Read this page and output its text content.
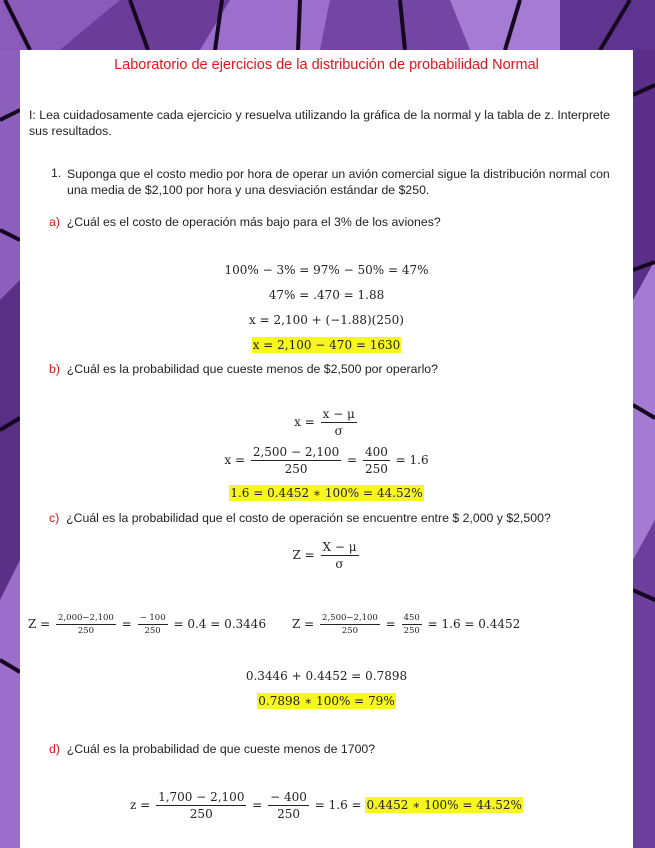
Laboratorio de ejercicios de la distribución de probabilidad Normal
I: Lea cuidadosamente cada ejercicio y resuelva utilizando la gráfica de la normal y la tabla de z. Interprete sus resultados.
1. Suponga que el costo medio por hora de operar un avión comercial sigue la distribución normal con una media de $2,100 por hora y una desviación estándar de $250.
a) ¿Cuál es el costo de operación más bajo para el 3% de los aviones?
100% − 3% = 97% − 50% = 47%
47% = .470 = 1.88
x = 2,100 + (−1.88)(250)
x = 2,100 − 470 = 1630
b) ¿Cuál es la probabilidad que cueste menos de $2,500 por operarlo?
$x = \frac{x - \mu}{\sigma}$
$x = \frac{2,500 - 2,100}{250} = \frac{400}{250} = 1.6$
1.6 = 0.4452 ∗ 100% = 44.52%
c) ¿Cuál es la probabilidad que el costo de operación se encuentre entre $ 2,000 y $2,500?
$Z = \frac{X - \mu}{\sigma}$
$Z = \frac{2,000-2,100}{250} = \frac{- 100}{250} = 0.4 = 0.3446$ $Z = \frac{2,500-2,100}{250} = \frac{450}{250} = 1.6 = 0.4452$
0.3446 + 0.4452 = 0.7898
0.7898 ∗ 100% = 79%
d) ¿Cuál es la probabilidad de que cueste menos de 1700?
$z = \frac{1,700 - 2,100}{250} = \frac{- 400}{250} = 1.6 = 0.4452$ ∗ 100% = 44.52%
